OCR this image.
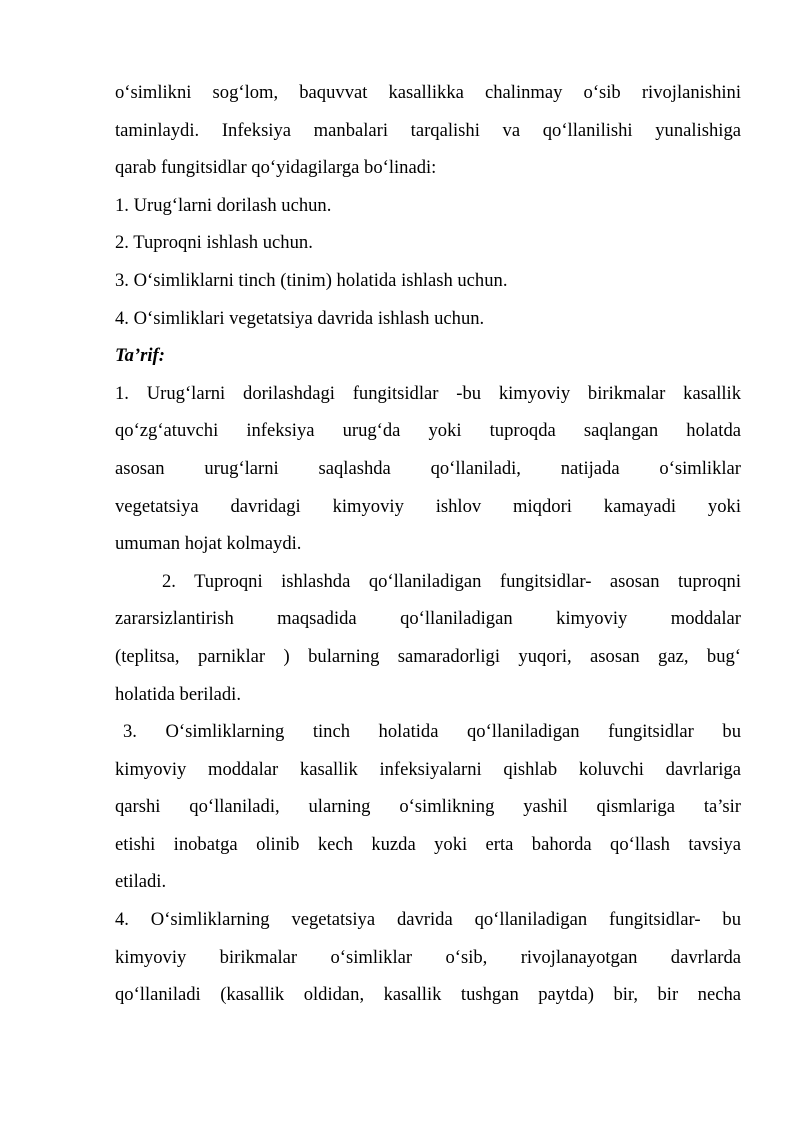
o‘simlikni sog‘lom, baquvvat kasallikka chalinmay o‘sib rivojlanishini

taminlaydi. Infeksiya manbalari tarqalishi va qo‘llanilishi yunalishiga

qarab fungitsidlar qo‘yidagilarga bo‘linadi:

1. Urug‘larni dorilash uchun.

2. Tuproqni ishlash uchun.

3. O‘simliklarni tinch (tinim) holatida ishlash uchun.

4. O‘simliklari vegetatsiya davrida ishlash uchun.

Ta’rif:

1. Urug‘larni dorilashdagi fungitsidlar -bu kimyoviy birikmalar kasallik

qo‘zg‘atuvchi infeksiya urug‘da yoki tuproqda saqlangan holatda

asosan urug‘larni saqlashda qo‘llaniladi, natijada o‘simliklar

vegetatsiya davridagi kimyoviy ishlov miqdori kamayadi yoki

umuman hojat kolmaydi.

2. Tuproqni ishlashda qo‘llaniladigan fungitsidlar- asosan tuproqni

zararsizlantirish maqsadida qo‘llaniladigan kimyoviy moddalar

(teplitsa, parniklar ) bularning samaradorligi yuqori, asosan gaz, bug‘

holatida beriladi.

3. O‘simliklarning tinch holatida qo‘llaniladigan fungitsidlar bu

kimyoviy moddalar kasallik infeksiyalarni qishlab koluvchi davrlariga

qarshi qo‘llaniladi, ularning o‘simlikning yashil qismlariga ta’sir

etishi inobatga olinib kech kuzda yoki erta bahorda qo‘llash tavsiya

etiladi.

4. O‘simliklarning vegetatsiya davrida qo‘llaniladigan fungitsidlar- bu

kimyoviy birikmalar o‘simliklar o‘sib, rivojlanayotgan davrlarda

qo‘llaniladi (kasallik oldidan, kasallik tushgan paytda) bir, bir necha
